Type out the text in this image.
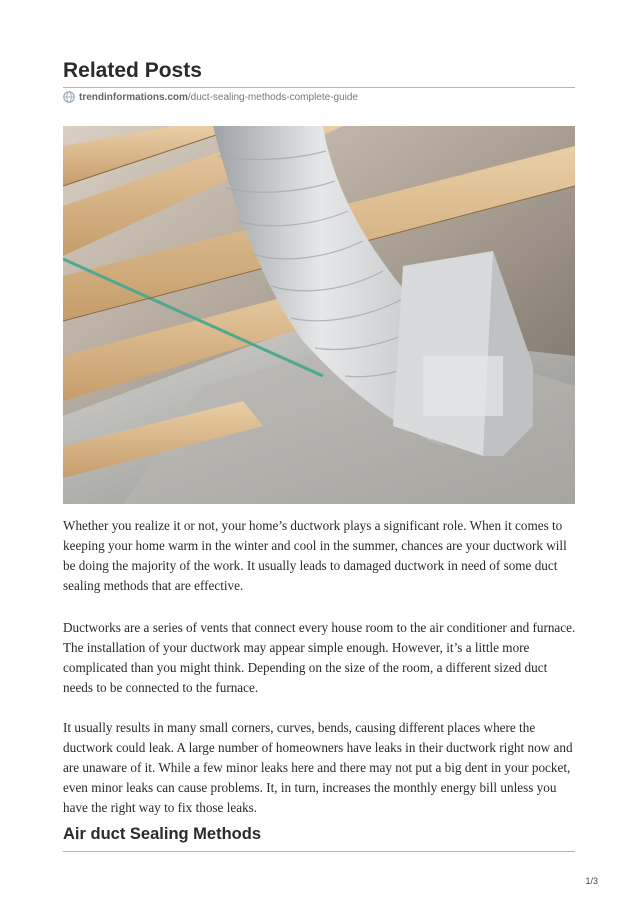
Related Posts
trendinformations.com /duct-sealing-methods-complete-guide

Whether you realize it or not, your home’s ductwork plays a significant role. When it comes to keeping your home warm in the winter and cool in the summer, chances are your ductwork will be doing the majority of the work. It usually leads to damaged ductwork in need of some duct sealing methods that are effective.

Ductworks are a series of vents that connect every house room to the air conditioner and furnace. The installation of your ductwork may appear simple enough. However, it’s a little more complicated than you might think. Depending on the size of the room, a different sized duct needs to be connected to the furnace.

It usually results in many small corners, curves, bends, causing different places where the ductwork could leak. A large number of homeowners have leaks in their ductwork right now and are unaware of it. While a few minor leaks here and there may not put a big dent in your pocket, even minor leaks can cause problems. It, in turn, increases the monthly energy bill unless you have the right way to fix those leaks.

Air duct Sealing Methods
1/3
